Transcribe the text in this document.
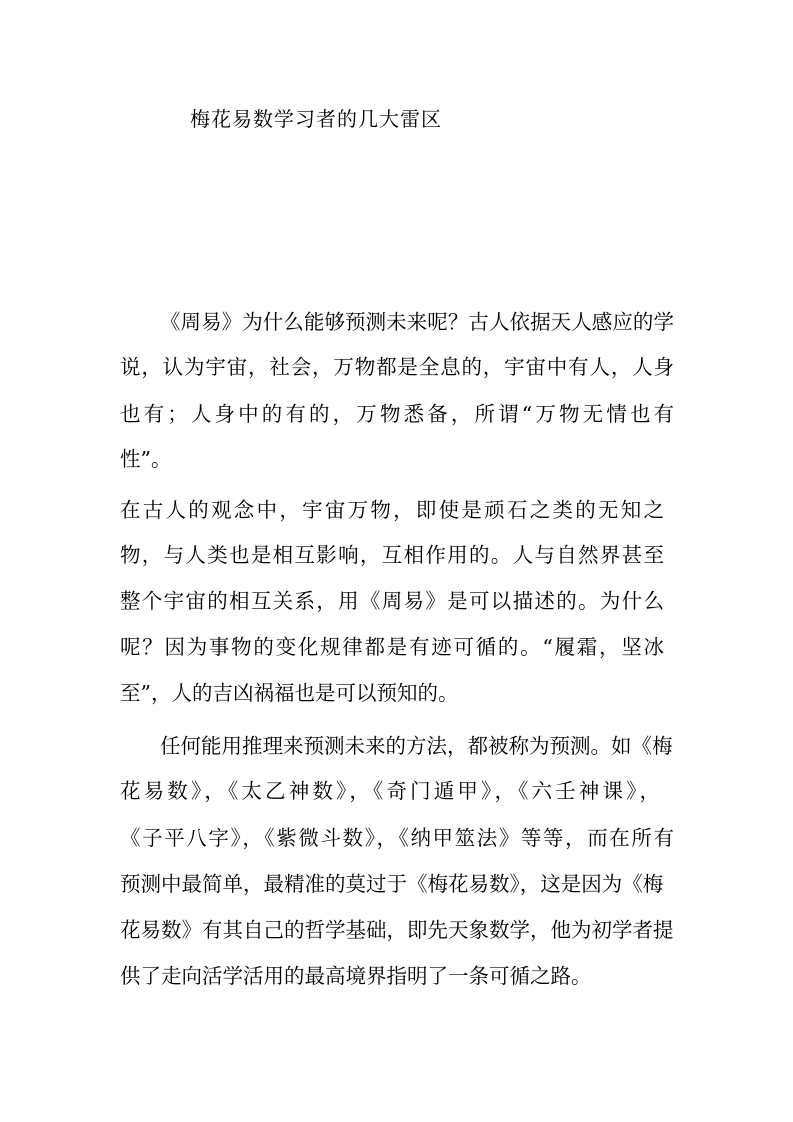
梅花易数学习者的几大雷区
《周易》为什么能够预测未来呢？古人依据天人感应的学
说，认为宇宙，社会，万物都是全息的，宇宙中有人，人身
也有；人身中的有的，万物悉备，所谓“万物无情也有
性”。
在古人的观念中，宇宙万物，即使是顽石之类的无知之
物，与人类也是相互影响，互相作用的。人与自然界甚至
整个宇宙的相互关系，用《周易》是可以描述的。为什么
呢？因为事物的变化规律都是有迹可循的。“履霜，坚冰
至”，人的吉凶祸福也是可以预知的。
任何能用推理来预测未来的方法，都被称为预测。如《梅
花易数》，《太乙神数》，《奇门遁甲》，《六壬神课》，
《子平八字》，《紫微斗数》，《纳甲筮法》等等，而在所有
预测中最简单，最精准的莫过于《梅花易数》，这是因为《梅
花易数》有其自己的哲学基础，即先天象数学，他为初学者提
供了走向活学活用的最高境界指明了一条可循之路。
